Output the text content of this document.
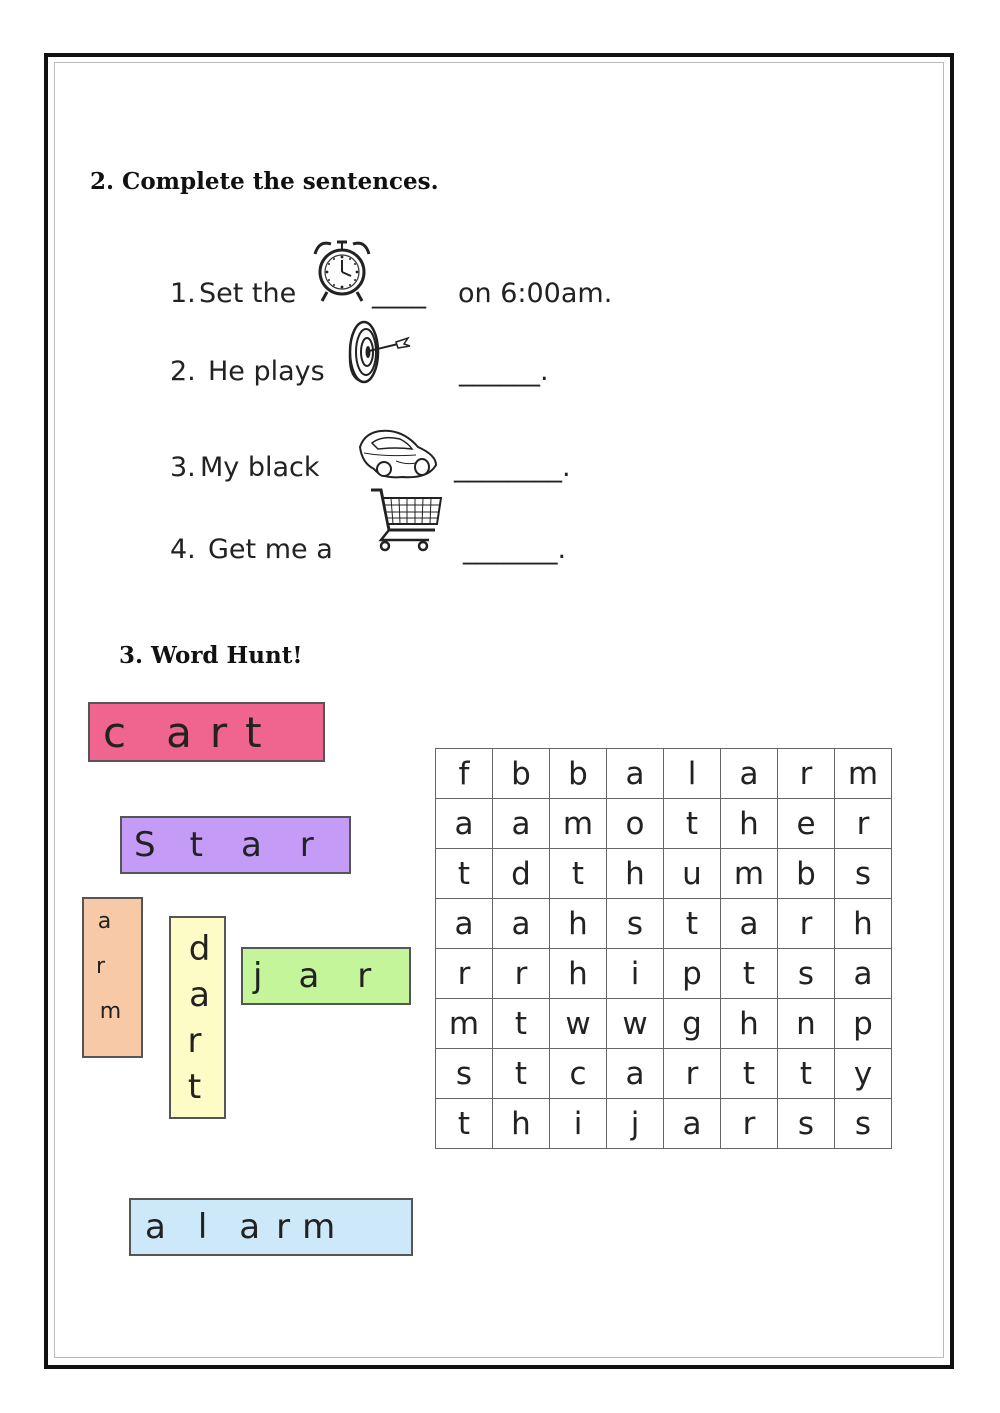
2. Complete the sentences.
1. Set the	____ on 6:00am.
2. He plays	______.
3. My black	________.
4. Get me a	_______.
3. Word Hunt!
c a r t
S t a r
a
r
m
d
a
r
t
j a r
a l a r m
f	b	b	a	l	a	r	m
a	a	m	o	t	h	e	r
t	d	t	h	u	m	b	s
a	a	h	s	t	a	r	h
r	r	h	i	p	t	s	a
m	t	w	w	g	h	n	p
s	t	c	a	r	t	t	y
t	h	i	j	a	r	s	s
